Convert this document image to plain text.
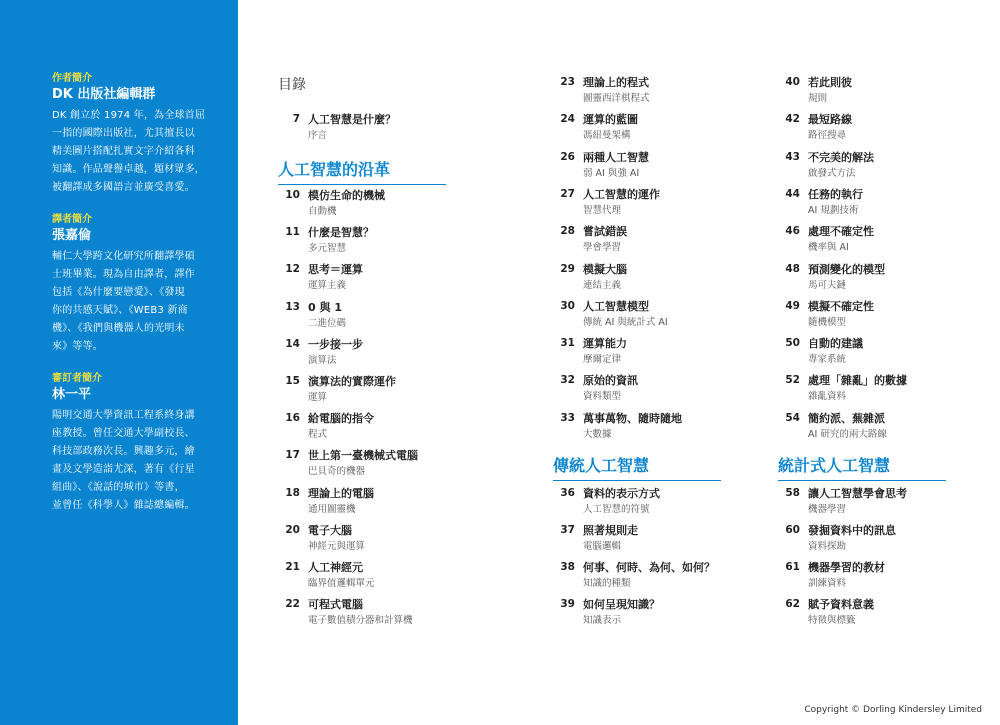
作者簡介
DK 出版社編輯群
DK 創立於 1974 年，為全球首屈
一指的國際出版社，尤其擅長以
精美圖片搭配扎實文字介紹各科
知識。作品聲譽卓越，題材眾多，
被翻譯成多國語言並廣受喜愛。
譯者簡介
張嘉倫
輔仁大學跨文化研究所翻譯學碩
士班畢業。現為自由譯者，譯作
包括《為什麼要戀愛》、《發現
你的共感天賦》、《WEB3 新商
機》、《我們與機器人的光明未
來》等等。
審訂者簡介
林一平
陽明交通大學資訊工程系終身講
座教授。曾任交通大學副校長、
科技部政務次長。興趣多元，繪
畫及文學造詣尤深，著有《行星
組曲》、《說話的城市》等書，
並曾任《科學人》雜誌總編輯。
目錄
7 人工智慧是什麼？
序言
人工智慧的沿革
10 模仿生命的機械
自動機
11 什麼是智慧？
多元智慧
12 思考＝運算
運算主義
13 0 與 1
二進位碼
14 一步接一步
演算法
15 演算法的實際運作
運算
16 給電腦的指令
程式
17 世上第一臺機械式電腦
巴貝奇的機器
18 理論上的電腦
通用圖靈機
20 電子大腦
神經元與運算
21 人工神經元
臨界值邏輯單元
22 可程式電腦
電子數值積分器和計算機
23 理論上的程式
圖靈西洋棋程式
24 運算的藍圖
馮紐曼架構
26 兩種人工智慧
弱 AI 與強 AI
27 人工智慧的運作
智慧代理
28 嘗試錯誤
學會學習
29 模擬大腦
連結主義
30 人工智慧模型
傳統 AI 與統計式 AI
31 運算能力
摩爾定律
32 原始的資訊
資料類型
33 萬事萬物、隨時隨地
大數據
傳統人工智慧
36 資料的表示方式
人工智慧的符號
37 照著規則走
電腦邏輯
38 何事、何時、為何、如何？
知識的種類
39 如何呈現知識？
知識表示
40 若此則彼
規則
42 最短路線
路徑搜尋
43 不完美的解法
啟發式方法
44 任務的執行
AI 規劃技術
46 處理不確定性
機率與 AI
48 預測變化的模型
馬可夫鏈
49 模擬不確定性
隨機模型
50 自動的建議
專家系統
52 處理「雜亂」的數據
雜亂資料
54 簡約派、蕪雜派
AI 研究的兩大路線
統計式人工智慧
58 讓人工智慧學會思考
機器學習
60 發掘資料中的訊息
資料探勘
61 機器學習的教材
訓練資料
62 賦予資料意義
特徵與標籤
Copyright © Dorling Kindersley Limited
